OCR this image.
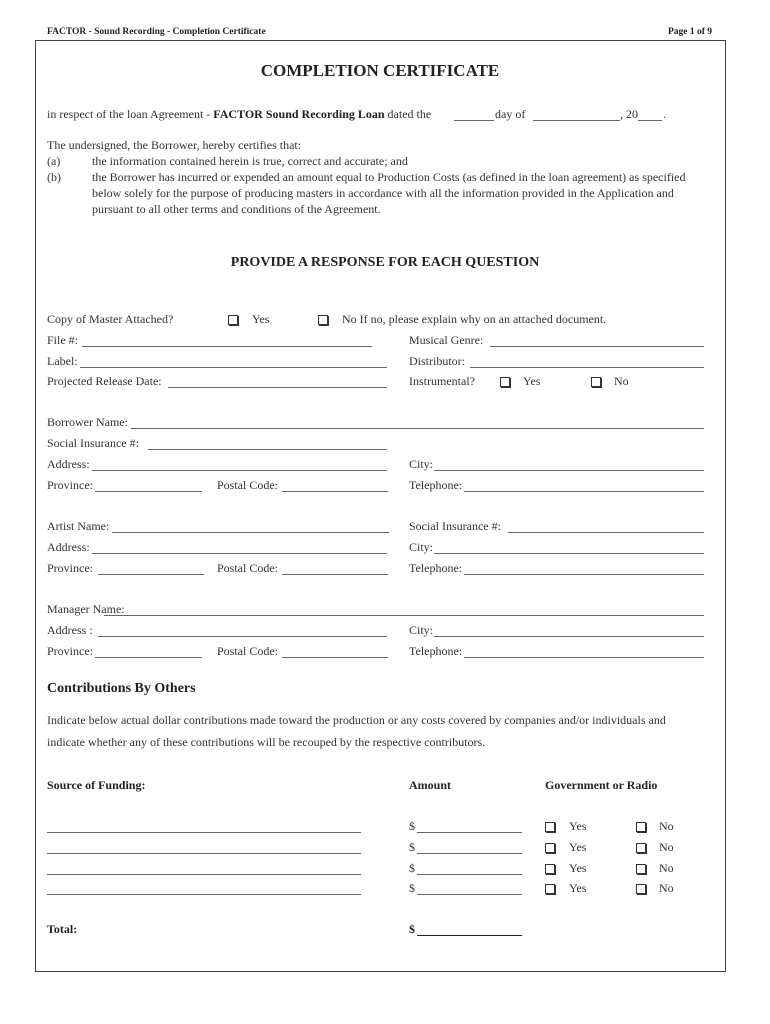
FACTOR - Sound Recording - Completion Certificate	Page 1 of 9
COMPLETION CERTIFICATE
in respect of the loan Agreement - FACTOR Sound Recording Loan dated the	day of	, 20 .
The undersigned, the Borrower, hereby certifies that:
(a)	the information contained herein is true, correct and accurate; and
(b)	the Borrower has incurred or expended an amount equal to Production Costs (as defined in the loan agreement) as specified
below solely for the purpose of producing masters in accordance with all the information provided in the Application and
pursuant to all other terms and conditions of the Agreement.
PROVIDE A RESPONSE FOR EACH QUESTION
Copy of Master Attached?	Yes	No If no, please explain why on an attached document.
File #:	Musical Genre:
Label:	Distributor:
Projected Release Date:	Instrumental?	Yes	No
Borrower Name:
Social Insurance #:
Address:	City:
Province:	Postal Code:	Telephone:
Artist Name:	Social Insurance #:
Address:	City:
Province:	Postal Code:	Telephone:
Manager Name:
Address :	City:
Province:	Postal Code:	Telephone:
Contributions By Others
Indicate below actual dollar contributions made toward the production or any costs covered by companies and/or individuals and
indicate whether any of these contributions will be recouped by the respective contributors.
Source of Funding:	Amount	Government or Radio
$	Yes	No
$	Yes	No
$	Yes	No
$	Yes	No
Total:	$
